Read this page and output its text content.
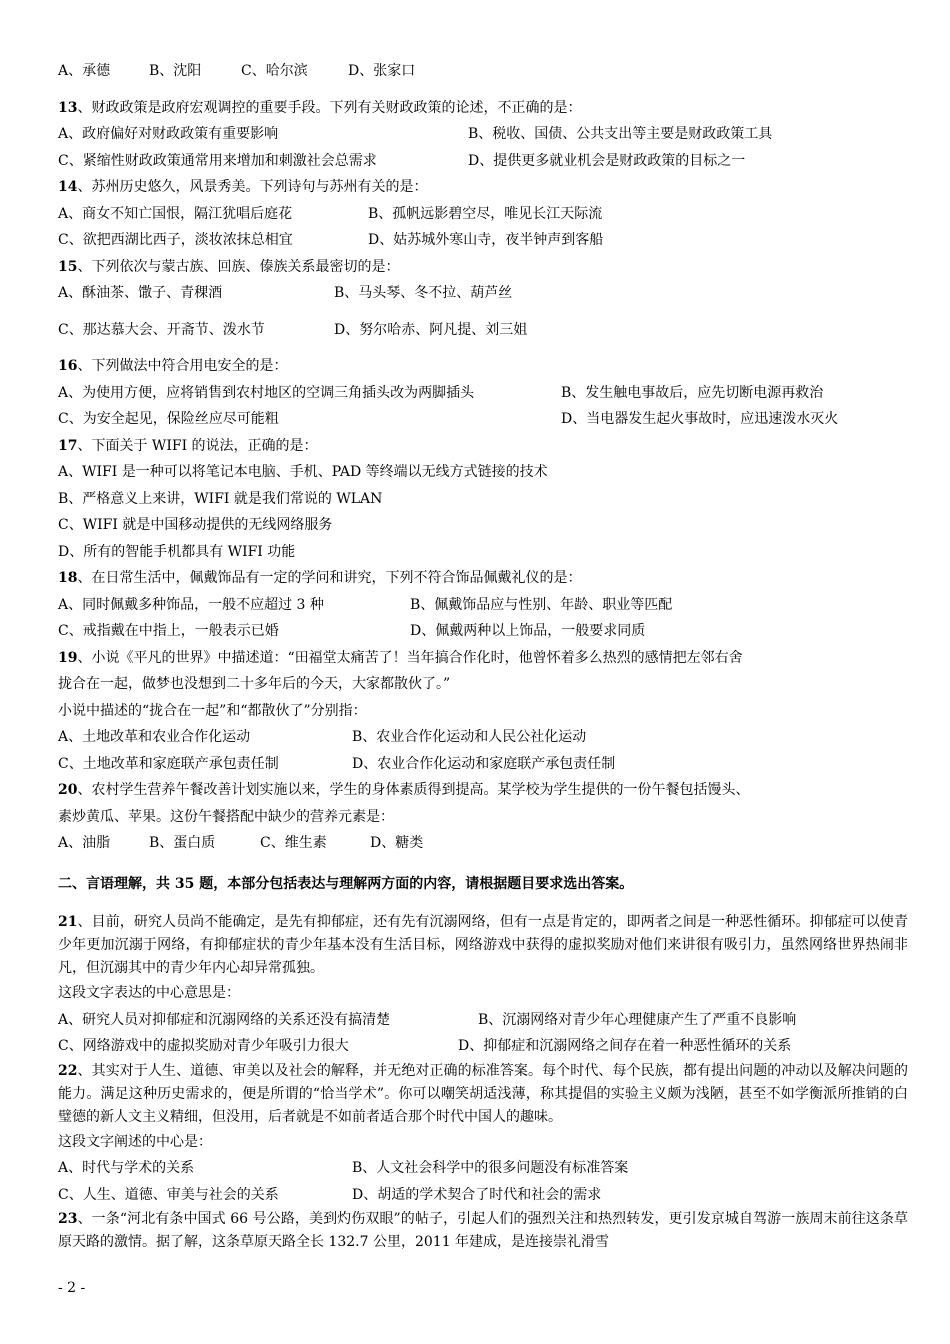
A、承德	B、沈阳	C、哈尔滨	D、张家口
13、财政政策是政府宏观调控的重要手段。下列有关财政政策的论述，不正确的是：
A、政府偏好对财政政策有重要影响	B、税收、国债、公共支出等主要是财政政策工具
C、紧缩性财政政策通常用来增加和刺激社会总需求	D、提供更多就业机会是财政政策的目标之一
14、苏州历史悠久，风景秀美。下列诗句与苏州有关的是：
A、商女不知亡国恨，隔江犹唱后庭花	B、孤帆远影碧空尽，唯见长江天际流
C、欲把西湖比西子，淡妆浓抹总相宜	D、姑苏城外寒山寺，夜半钟声到客船
15、下列依次与蒙古族、回族、傣族关系最密切的是：
A、酥油茶、馓子、青稞酒	B、马头琴、冬不拉、葫芦丝
C、那达慕大会、开斋节、泼水节	D、努尔哈赤、阿凡提、刘三姐
16、下列做法中符合用电安全的是：
A、为使用方便，应将销售到农村地区的空调三角插头改为两脚插头	B、发生触电事故后，应先切断电源再救治
C、为安全起见，保险丝应尽可能粗	D、当电器发生起火事故时，应迅速泼水灭火
17、下面关于 WIFI 的说法，正确的是：
A、WIFI 是一种可以将笔记本电脑、手机、PAD 等终端以无线方式链接的技术
B、严格意义上来讲，WIFI 就是我们常说的 WLAN
C、WIFI 就是中国移动提供的无线网络服务
D、所有的智能手机都具有 WIFI 功能
18、在日常生活中，佩戴饰品有一定的学问和讲究，下列不符合饰品佩戴礼仪的是：
A、同时佩戴多种饰品，一般不应超过 3 种	B、佩戴饰品应与性别、年龄、职业等匹配
C、戒指戴在中指上，一般表示已婚	D、佩戴两种以上饰品，一般要求同质
19、小说《平凡的世界》中描述道：“田福堂太痛苦了！当年搞合作化时，他曾怀着多么热烈的感情把左邻右舍
拢合在一起，做梦也没想到二十多年后的今天，大家都散伙了。”
小说中描述的“拢合在一起”和“都散伙了”分别指：
A、土地改革和农业合作化运动	B、农业合作化运动和人民公社化运动
C、土地改革和家庭联产承包责任制	D、农业合作化运动和家庭联产承包责任制
20、农村学生营养午餐改善计划实施以来，学生的身体素质得到提高。某学校为学生提供的一份午餐包括馒头、
素炒黄瓜、苹果。这份午餐搭配中缺少的营养元素是：
A、油脂	B、蛋白质	C、维生素	D、糖类
二、言语理解，共 35 题，本部分包括表达与理解两方面的内容，请根据题目要求选出答案。
21、目前，研究人员尚不能确定，是先有抑郁症，还有先有沉溺网络，但有一点是肯定的，即两者之间是一种恶性循环。抑郁症可以使青少年更加沉溺于网络，有抑郁症状的青少年基本没有生活目标，网络游戏中获得的虚拟奖励对他们来讲很有吸引力，虽然网络世界热闹非凡，但沉溺其中的青少年内心却异常孤独。
这段文字表达的中心意思是：
A、研究人员对抑郁症和沉溺网络的关系还没有搞清楚	B、沉溺网络对青少年心理健康产生了严重不良影响
C、网络游戏中的虚拟奖励对青少年吸引力很大	D、抑郁症和沉溺网络之间存在着一种恶性循环的关系
22、其实对于人生、道德、审美以及社会的解释，并无绝对正确的标准答案。每个时代、每个民族，都有提出问题的冲动以及解决问题的能力。满足这种历史需求的，便是所谓的“恰当学术”。你可以嘲笑胡适浅薄，称其提倡的实验主义颇为浅陋，甚至不如学衡派所推销的白璧德的新人文主义精细，但没用，后者就是不如前者适合那个时代中国人的趣味。
这段文字阐述的中心是：
A、时代与学术的关系	B、人文社会科学中的很多问题没有标准答案
C、人生、道德、审美与社会的关系	D、胡适的学术契合了时代和社会的需求
23、一条“河北有条中国式 66 号公路，美到灼伤双眼”的帖子，引起人们的强烈关注和热烈转发，更引发京城自驾游一族周末前往这条草原天路的激情。据了解，这条草原天路全长 132.7 公里，2011 年建成，是连接崇礼滑雪
- 2 -
